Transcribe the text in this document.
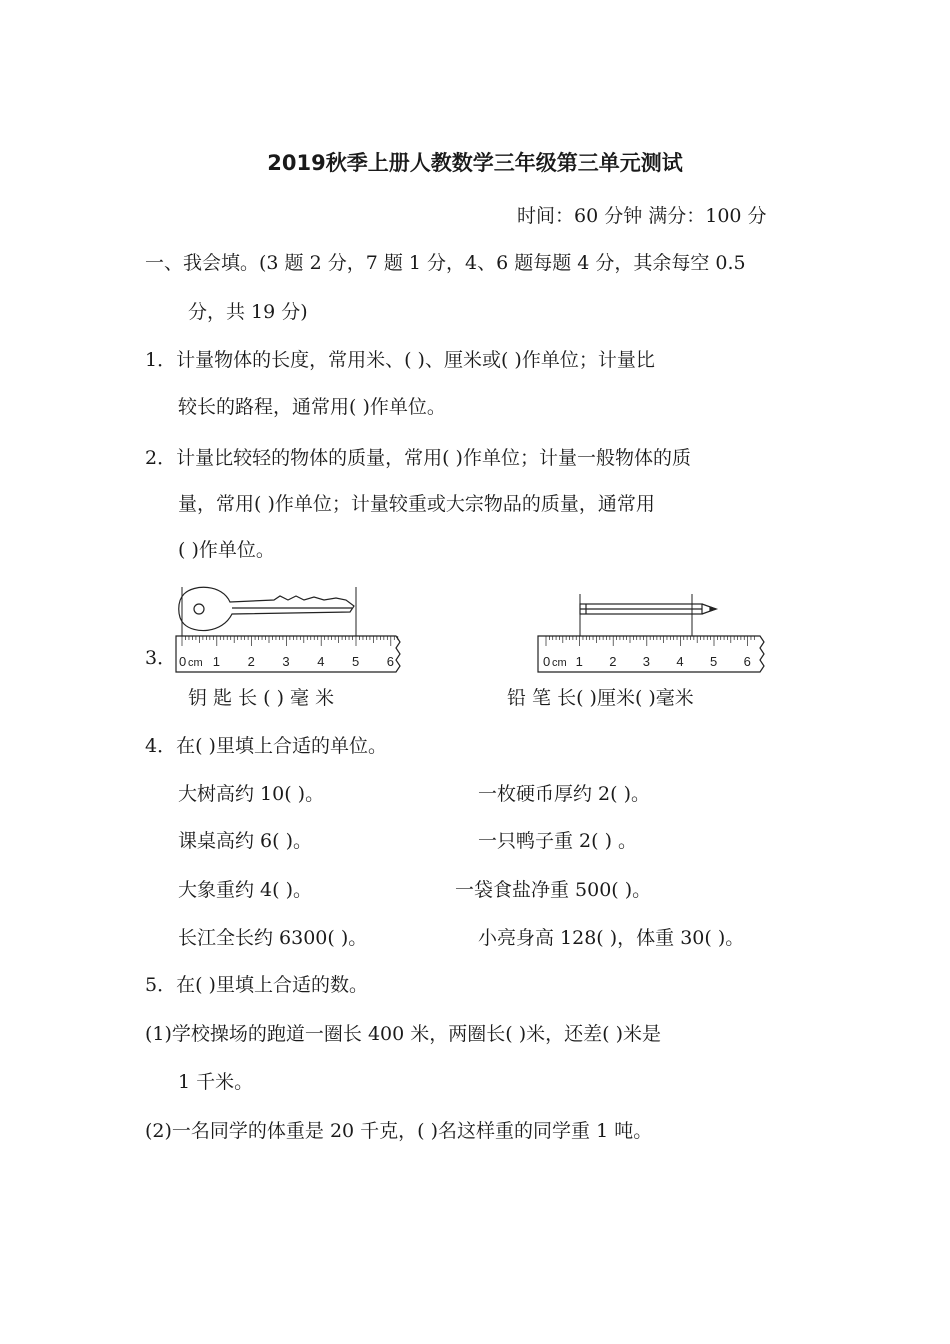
2019秋季上册人教数学三年级第三单元测试
时间：60 分钟 满分：100 分
一、我会填。(3 题 2 分，7 题 1 分，4、6 题每题 4 分，其余每空 0.5
分，共 19 分)
1．计量物体的长度，常用米、( )、厘米或( )作单位；计量比
较长的路程，通常用( )作单位。
2．计量比较轻的物体的质量，常用( )作单位；计量一般物体的质
量，常用( )作单位；计量较重或大宗物品的质量，通常用
( )作单位。
3． 0 cm 1 2 3 4 5 6	0 cm 1 2 3 4 5 6
钥 匙 长 ( ) 毫 米	铅 笔 长( )厘米( )毫米
4．在( )里填上合适的单位。
大树高约 10( )。	一枚硬币厚约 2( )。
课桌高约 6( )。	一只鸭子重 2( ) 。
大象重约 4( )。	一袋食盐净重 500( )。
长江全长约 6300( )。	小亮身高 128( )，体重 30( )。
5．在( )里填上合适的数。
(1)学校操场的跑道一圈长 400 米，两圈长( )米，还差( )米是
1 千米。
(2)一名同学的体重是 20 千克，( )名这样重的同学重 1 吨。
